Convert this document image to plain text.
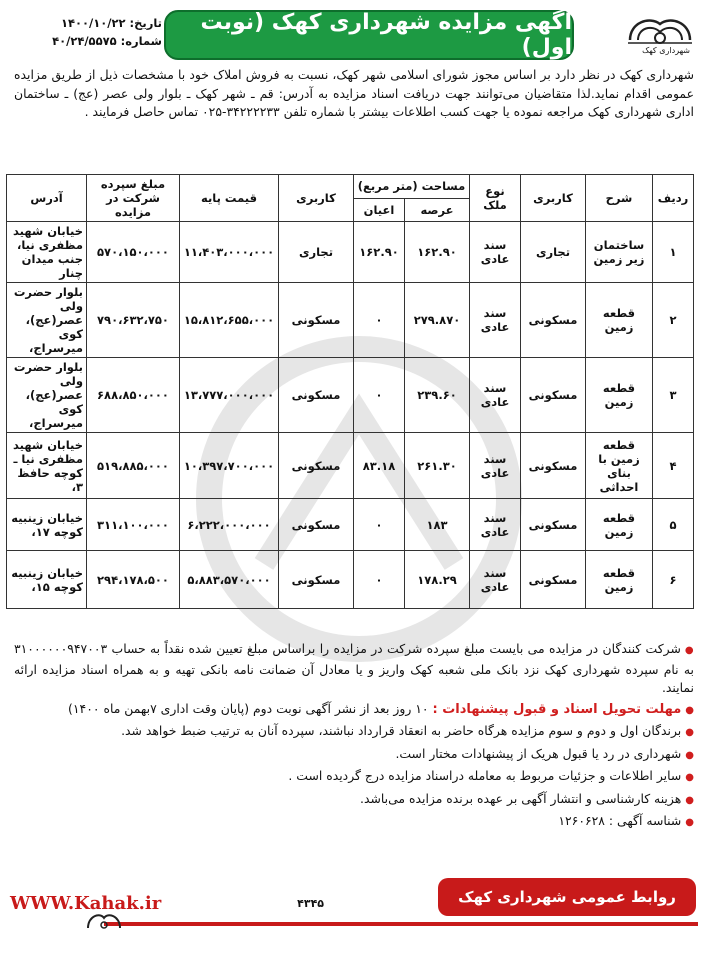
شهرداری کهک
آگهی مزایده شهرداری کهک (نوبت اول)
تاریخ: ۱۴۰۰/۱۰/۲۲
شماره: ۴۰/۲۴/۵۵۷۵
شهرداری کهک در نظر دارد بر اساس مجوز شورای اسلامی شهر کهک، نسبت به فروش املاک خود با مشخصات ذیل از طریق مزایده عمومی اقدام نماید.لذا متقاضیان می‌توانند جهت دریافت اسناد مزایده به آدرس: قم ـ شهر کهک ـ بلوار ولی عصر (عج) ـ ساختمان اداری شهرداری کهک مراجعه نموده یا جهت کسب اطلاعات بیشتر با شماره تلفن ۳۴۲۲۲۲۳۳-۰۲۵ تماس حاصل فرمایند .
ردیف	شرح	کاربری	نوع ملک	مساحت (متر مربع)		کاربری	قیمت پایه	مبلغ سپرده شرکت در مزایده	آدرس
				عرصه	اعیان				
۱	ساختمان زیر زمین	تجاری	سند عادی	۱۶۲.۹۰	۱۶۲.۹۰	تجاری	۱۱،۴۰۳،۰۰۰،۰۰۰	۵۷۰،۱۵۰،۰۰۰	خیابان شهید مظفری نیا، جنب میدان چنار
۲	قطعه زمین	مسکونی	سند عادی	۲۷۹.۸۷۰	۰	مسکونی	۱۵،۸۱۲،۶۵۵،۰۰۰	۷۹۰،۶۳۲،۷۵۰	بلوار حضرت ولی عصر(عج)، کوی میرسراج،
۳	قطعه زمین	مسکونی	سند عادی	۲۳۹.۶۰	۰	مسکونی	۱۳،۷۷۷،۰۰۰،۰۰۰	۶۸۸،۸۵۰،۰۰۰	بلوار حضرت ولی عصر(عج)، کوی میرسراج،
۴	قطعه زمین با بنای احداثی	مسکونی	سند عادی	۲۶۱.۳۰	۸۳.۱۸	مسکونی	۱۰،۳۹۷،۷۰۰،۰۰۰	۵۱۹،۸۸۵،۰۰۰	خیابان شهید مظفری نیا ـ کوچه حافظ ۳،
۵	قطعه زمین	مسکونی	سند عادی	۱۸۳	۰	مسکونی	۶،۲۲۲،۰۰۰،۰۰۰	۳۱۱،۱۰۰،۰۰۰	خیابان زینبیه کوچه ۱۷،
۶	قطعه زمین	مسکونی	سند عادی	۱۷۸.۲۹	۰	مسکونی	۵،۸۸۳،۵۷۰،۰۰۰	۲۹۴،۱۷۸،۵۰۰	خیابان زینبیه کوچه ۱۵،

●شرکت کنندگان در مزایده می بایست مبلغ سپرده شرکت در مزایده را براساس مبلغ تعیین شده نقداً به حساب ۳۱۰۰۰۰۰۰۹۴۷۰۰۳ به نام سپرده شهرداری کهک نزد بانک ملی شعبه کهک واریز و یا معادل آن ضمانت نامه بانکی تهیه و به همراه اسناد مزایده ارائه نمایند.

●مهلت تحویل اسناد و قبول پیشنهادات : ۱۰ روز بعد از نشر آگهی نوبت دوم (پایان وقت اداری ۷بهمن ماه ۱۴۰۰)

●برندگان اول و دوم و سوم مزایده هرگاه حاضر به انعقاد قرارداد نباشند، سپرده آنان به ترتیب ضبط خواهد شد.

●شهرداری در رد یا قبول هریک از پیشنهادات مختار است.

●سایر اطلاعات و جزئیات مربوط به معامله دراسناد مزایده درج گردیده است .

●هزینه کارشناسی و انتشار آگهی بر عهده برنده مزایده می‌باشد.

●شناسه آگهی : ۱۲۶۰۶۲۸

روابط عمومی شهرداری کهک
۴۳۴۵
WWW.Kahak.ir
